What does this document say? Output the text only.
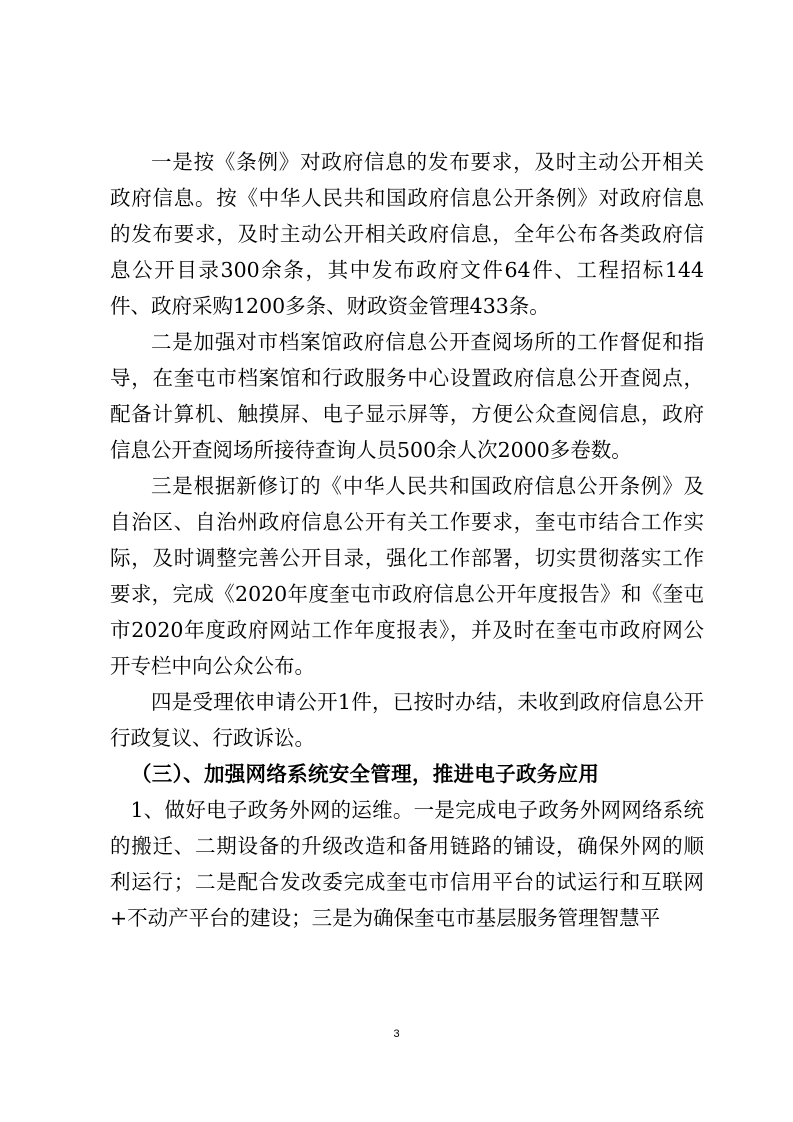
一是按《条例》对政府信息的发布要求，及时主动公开相关政府信息。按《中华人民共和国政府信息公开条例》对政府信息的发布要求，及时主动公开相关政府信息，全年公布各类政府信息公开目录300余条，其中发布政府文件64件、工程招标144件、政府采购1200多条、财政资金管理433条。

二是加强对市档案馆政府信息公开查阅场所的工作督促和指导，在奎屯市档案馆和行政服务中心设置政府信息公开查阅点，配备计算机、触摸屏、电子显示屏等，方便公众查阅信息，政府信息公开查阅场所接待查询人员500余人次2000多卷数。

三是根据新修订的《中华人民共和国政府信息公开条例》及自治区、自治州政府信息公开有关工作要求，奎屯市结合工作实际，及时调整完善公开目录，强化工作部署，切实贯彻落实工作要求，完成《2020年度奎屯市政府信息公开年度报告》和《奎屯市2020年度政府网站工作年度报表》，并及时在奎屯市政府网公开专栏中向公众公布。

四是受理依申请公开1件，已按时办结，未收到政府信息公开行政复议、行政诉讼。

（三）、加强网络系统安全管理，推进电子政务应用

1、做好电子政务外网的运维。一是完成电子政务外网网络系统的搬迁、二期设备的升级改造和备用链路的铺设，确保外网的顺利运行；二是配合发改委完成奎屯市信用平台的试运行和互联网+不动产平台的建设；三是为确保奎屯市基层服务管理智慧平

3
